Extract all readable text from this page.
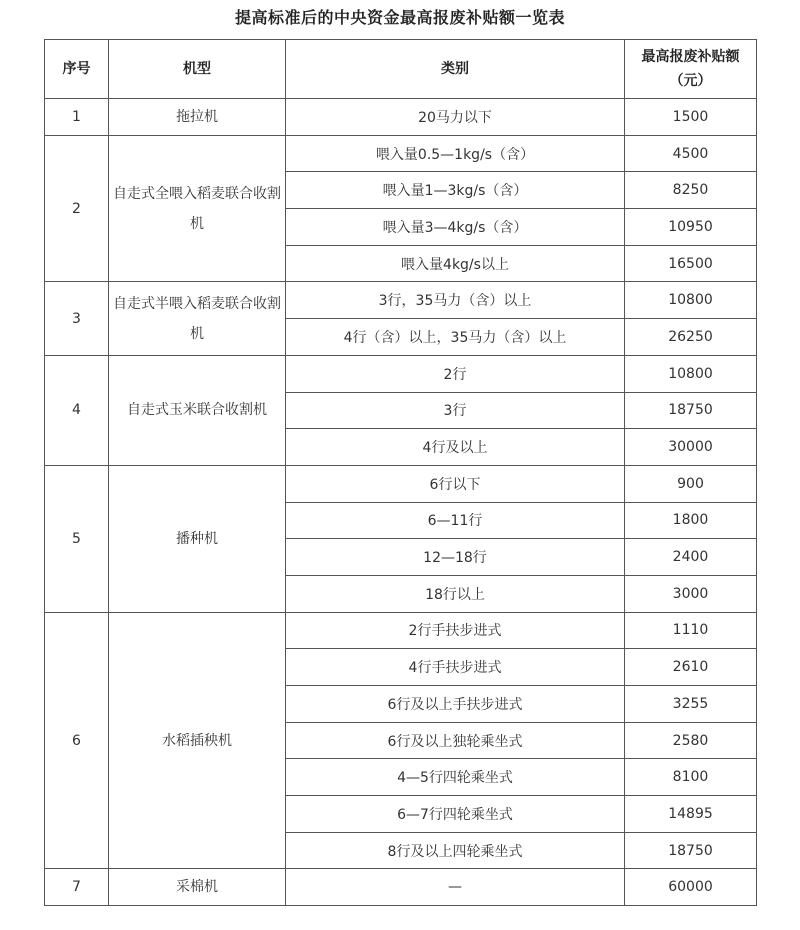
提高标准后的中央资金最高报废补贴额一览表
序号	机型	类别	最高报废补贴额（元）
1	拖拉机	20马力以下	1500
2	自走式全喂入稻麦联合收割机	喂入量0.5—1kg/s（含）	4500
		喂入量1—3kg/s（含）	8250
		喂入量3—4kg/s（含）	10950
		喂入量4kg/s以上	16500
3	自走式半喂入稻麦联合收割机	3行，35马力（含）以上	10800
		4行（含）以上，35马力（含）以上	26250
4	自走式玉米联合收割机	2行	10800
		3行	18750
		4行及以上	30000
5	播种机	6行以下	900
		6—11行	1800
		12—18行	2400
		18行以上	3000
6	水稻插秧机	2行手扶步进式	1110
		4行手扶步进式	2610
		6行及以上手扶步进式	3255
		6行及以上独轮乘坐式	2580
		4—5行四轮乘坐式	8100
		6—7行四轮乘坐式	14895
		8行及以上四轮乘坐式	18750
7	采棉机	—	60000
